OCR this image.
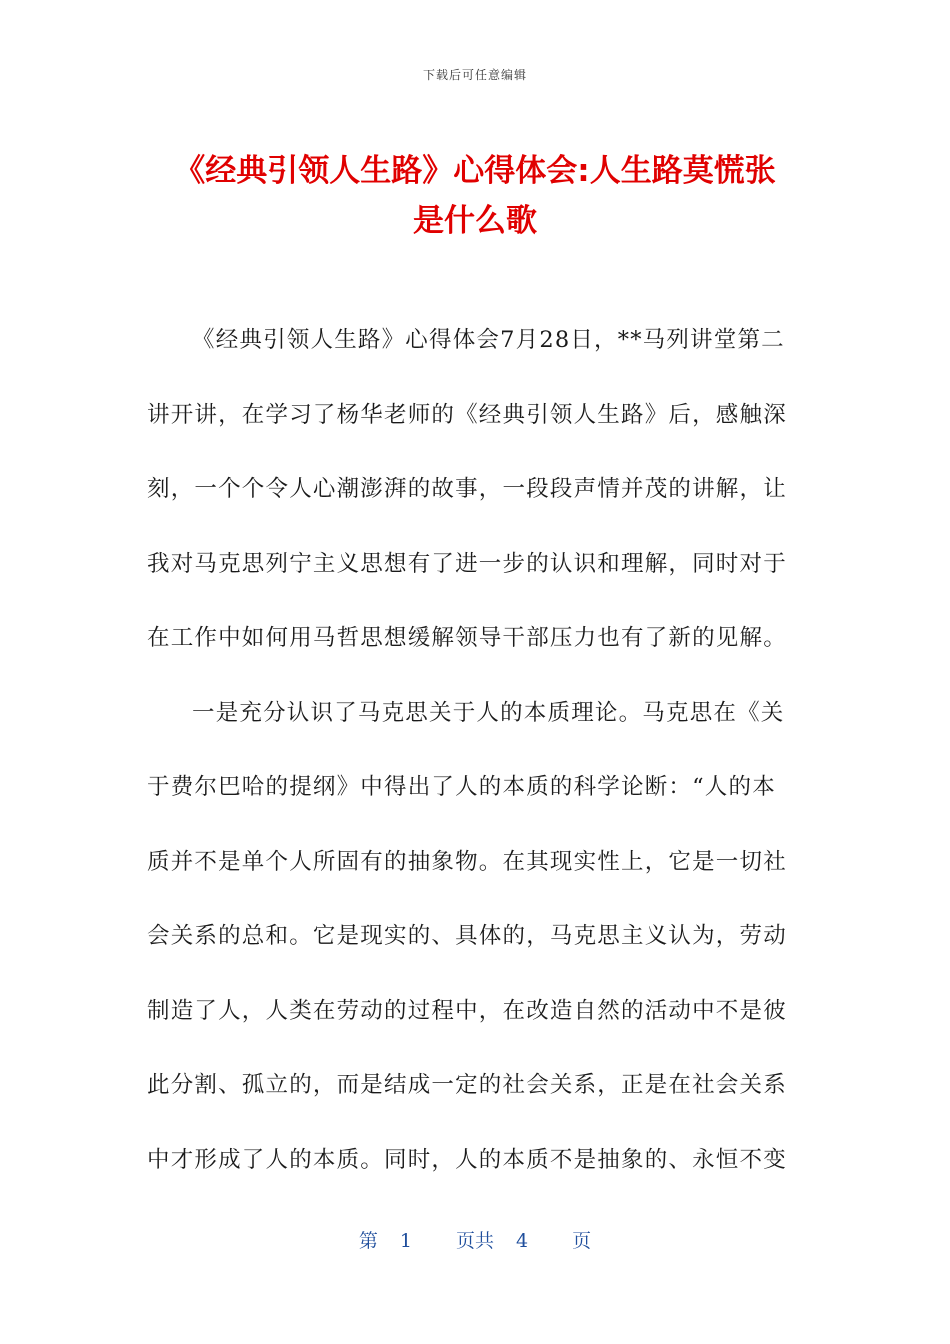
下载后可任意编辑
《经典引领人生路》心得体会:人生路莫慌张
是什么歌
《经典引领人生路》心得体会7月28日，**马列讲堂第二
讲开讲，在学习了杨华老师的《经典引领人生路》后，感触深
刻，一个个令人心潮澎湃的故事，一段段声情并茂的讲解，让
我对马克思列宁主义思想有了进一步的认识和理解，同时对于
在工作中如何用马哲思想缓解领导干部压力也有了新的见解。
一是充分认识了马克思关于人的本质理论。马克思在《关
于费尔巴哈的提纲》中得出了人的本质的科学论断：“人的本
质并不是单个人所固有的抽象物。在其现实性上，它是一切社
会关系的总和。它是现实的、具体的，马克思主义认为，劳动
制造了人，人类在劳动的过程中，在改造自然的活动中不是彼
此分割、孤立的，而是结成一定的社会关系，正是在社会关系
中才形成了人的本质。同时，人的本质不是抽象的、永恒不变
第 1 页共 4 页
